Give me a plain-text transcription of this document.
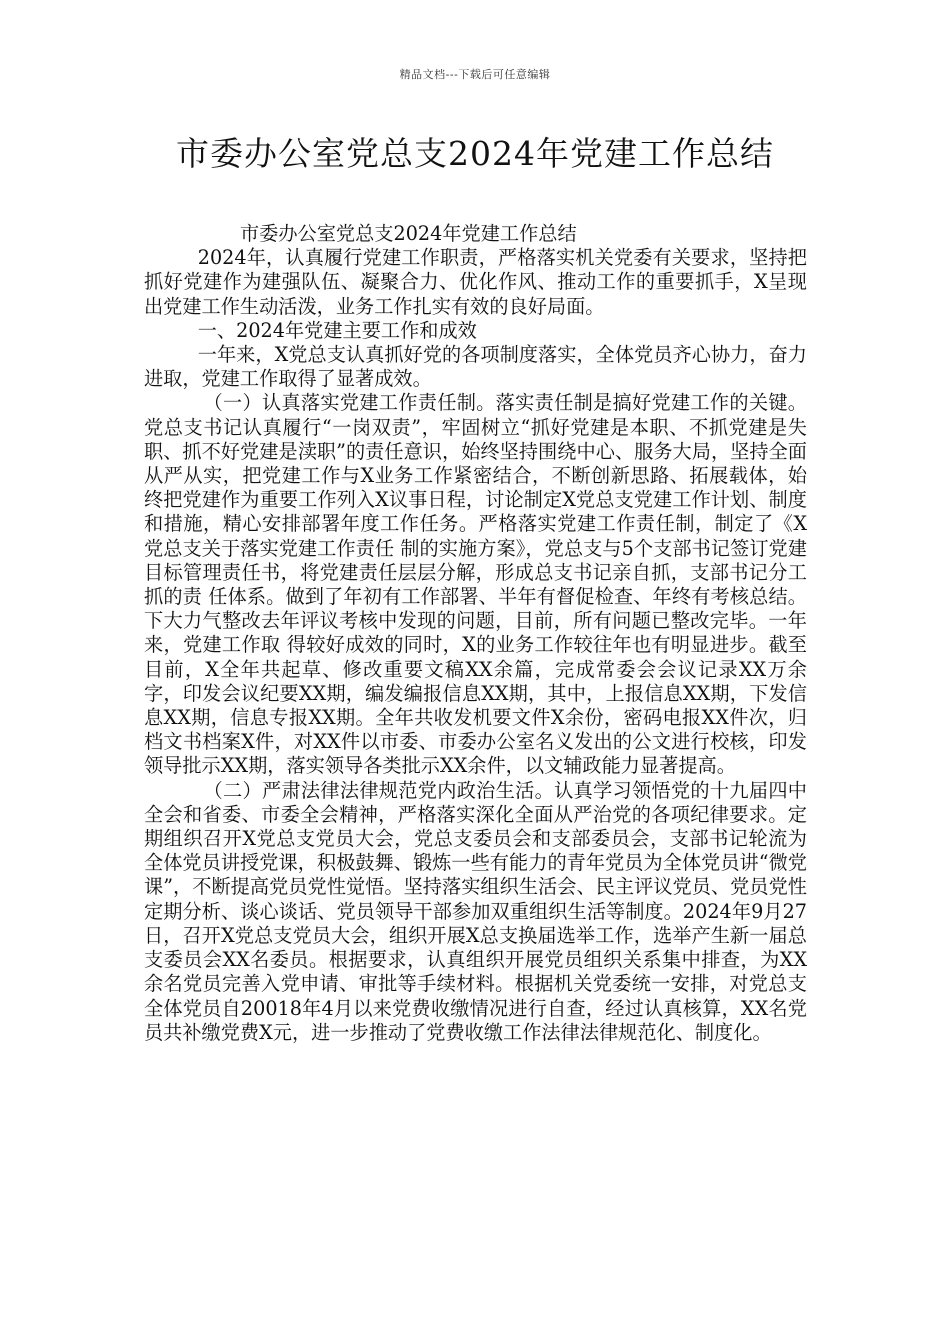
精品文档---下载后可任意编辑
市委办公室党总支2024年党建工作总结

市委办公室党总支2024年党建工作总结

2024年，认真履行党建工作职责，严格落实机关党委有关要求，坚持把抓好党建作为建强队伍、凝聚合力、优化作风、推动工作的重要抓手，X呈现出党建工作生动活泼，业务工作扎实有效的良好局面。

一、2024年党建主要工作和成效

一年来，X党总支认真抓好党的各项制度落实，全体党员齐心协力，奋力进取，党建工作取得了显著成效。

（一）认真落实党建工作责任制。落实责任制是搞好党建工作的关键。党总支书记认真履行“一岗双责”，牢固树立“抓好党建是本职、不抓党建是失职、抓不好党建是渎职”的责任意识，始终坚持围绕中心、服务大局，坚持全面从严从实，把党建工作与X业务工作紧密结合，不断创新思路、拓展载体，始终把党建作为重要工作列入X议事日程，讨论制定X党总支党建工作计划、制度和措施，精心安排部署年度工作任务。严格落实党建工作责任制，制定了《X党总支关于落实党建工作责任 制的实施方案》，党总支与5个支部书记签订党建目标管理责任书，将党建责任层层分解，形成总支书记亲自抓，支部书记分工抓的责 任体系。做到了年初有工作部署、半年有督促检查、年终有考核总结。下大力气整改去年评议考核中发现的问题，目前，所有问题已整改完毕。一年来，党建工作取 得较好成效的同时，X的业务工作较往年也有明显进步。截至目前，X全年共起草、修改重要文稿XX余篇，完成常委会会议记录XX万余字，印发会议纪要XX期，编发编报信息XX期，其中，上报信息XX期，下发信息XX期，信息专报XX期。全年共收发机要文件X余份，密码电报XX件次，归档文书档案X件，对XX件以市委、市委办公室名义发出的公文进行校核，印发领导批示XX期，落实领导各类批示XX余件，以文辅政能力显著提高。

（二）严肃法律法律规范党内政治生活。认真学习领悟党的十九届四中全会和省委、市委全会精神，严格落实深化全面从严治党的各项纪律要求。定期组织召开X党总支党员大会，党总支委员会和支部委员会，支部书记轮流为全体党员讲授党课，积极鼓舞、锻炼一些有能力的青年党员为全体党员讲“微党课”，不断提高党员党性觉悟。坚持落实组织生活会、民主评议党员、党员党性定期分析、谈心谈话、党员领导干部参加双重组织生活等制度。2024年9月27日，召开X党总支党员大会，组织开展X总支换届选举工作，选举产生新一届总支委员会XX名委员。根据要求，认真组织开展党员组织关系集中排查，为XX余名党员完善入党申请、审批等手续材料。根据机关党委统一安排，对党总支全体党员自20018年4月以来党费收缴情况进行自查，经过认真核算，XX名党员共补缴党费X元，进一步推动了党费收缴工作法律法律规范化、制度化。
